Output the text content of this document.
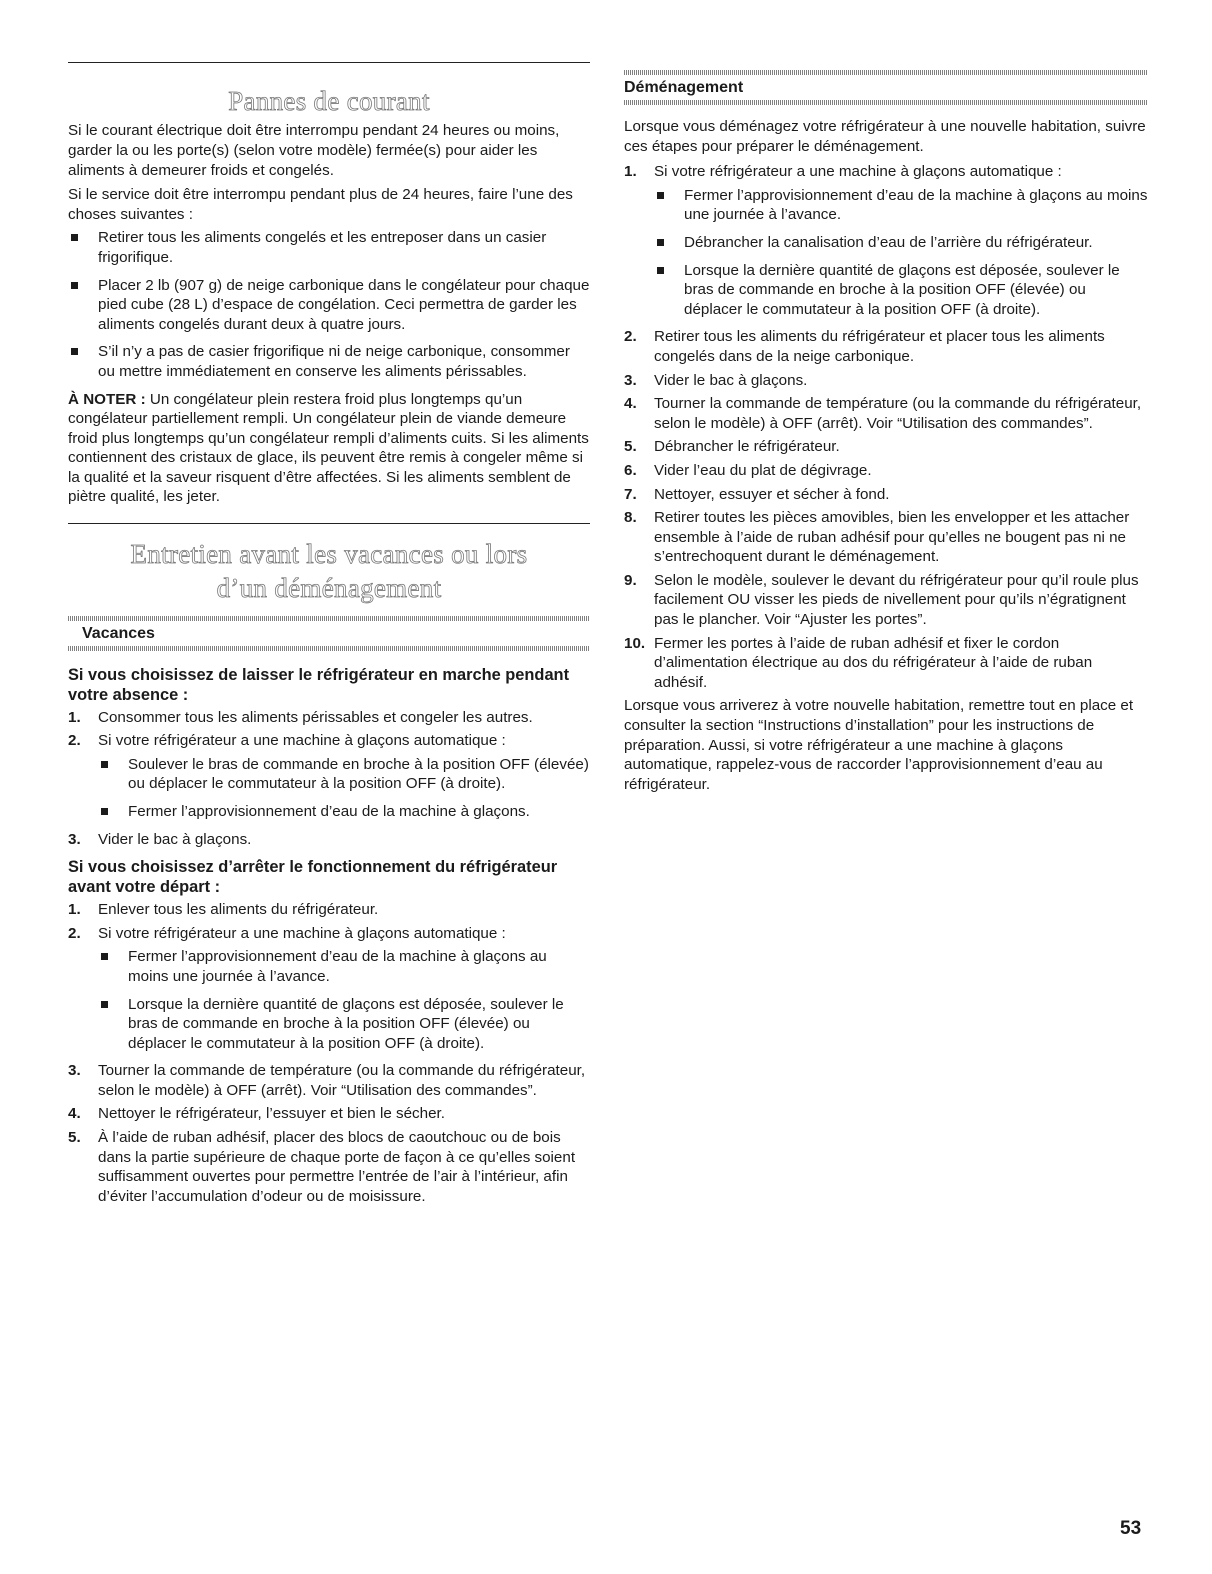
Pannes de courant

Si le courant électrique doit être interrompu pendant 24 heures ou moins, garder la ou les porte(s) (selon votre modèle) fermée(s) pour aider les aliments à demeurer froids et congelés.

Si le service doit être interrompu pendant plus de 24 heures, faire l’une des choses suivantes :

Retirer tous les aliments congelés et les entreposer dans un casier frigorifique.
Placer 2 lb (907 g) de neige carbonique dans le congélateur pour chaque pied cube (28 L) d’espace de congélation. Ceci permettra de garder les aliments congelés durant deux à quatre jours.
S’il n’y a pas de casier frigorifique ni de neige carbonique, consommer ou mettre immédiatement en conserve les aliments périssables.

À NOTER : Un congélateur plein restera froid plus longtemps qu’un congélateur partiellement rempli. Un congélateur plein de viande demeure froid plus longtemps qu’un congélateur rempli d’aliments cuits. Si les aliments contiennent des cristaux de glace, ils peuvent être remis à congeler même si la qualité et la saveur risquent d’être affectées. Si les aliments semblent de piètre qualité, les jeter.

Entretien avant les vacances ou lors
d’un déménagement
Vacances
Si vous choisissez de laisser le réfrigérateur en marche pendant votre absence :
1. Consommer tous les aliments périssables et congeler les autres.
2. Si votre réfrigérateur a une machine à glaçons automatique :
Soulever le bras de commande en broche à la position OFF (élevée) ou déplacer le commutateur à la position OFF (à droite).
Fermer l’approvisionnement d’eau de la machine à glaçons.
3. Vider le bac à glaçons.
Si vous choisissez d’arrêter le fonctionnement du réfrigérateur avant votre départ :
1. Enlever tous les aliments du réfrigérateur.
2. Si votre réfrigérateur a une machine à glaçons automatique :
Fermer l’approvisionnement d’eau de la machine à glaçons au moins une journée à l’avance.
Lorsque la dernière quantité de glaçons est déposée, soulever le bras de commande en broche à la position OFF (élevée) ou déplacer le commutateur à la position OFF (à droite).
3. Tourner la commande de température (ou la commande du réfrigérateur, selon le modèle) à OFF (arrêt). Voir “Utilisation des commandes”.
4. Nettoyer le réfrigérateur, l’essuyer et bien le sécher.
5. À l’aide de ruban adhésif, placer des blocs de caoutchouc ou de bois dans la partie supérieure de chaque porte de façon à ce qu’elles soient suffisamment ouvertes pour permettre l’entrée de l’air à l’intérieur, afin d’éviter l’accumulation d’odeur ou de moisissure.
Déménagement

Lorsque vous déménagez votre réfrigérateur à une nouvelle habitation, suivre ces étapes pour préparer le déménagement.

1. Si votre réfrigérateur a une machine à glaçons automatique :
Fermer l’approvisionnement d’eau de la machine à glaçons au moins une journée à l’avance.
Débrancher la canalisation d’eau de l’arrière du réfrigérateur.
Lorsque la dernière quantité de glaçons est déposée, soulever le bras de commande en broche à la position OFF (élevée) ou déplacer le commutateur à la position OFF (à droite).
2. Retirer tous les aliments du réfrigérateur et placer tous les aliments congelés dans de la neige carbonique.
3. Vider le bac à glaçons.
4. Tourner la commande de température (ou la commande du réfrigérateur, selon le modèle) à OFF (arrêt). Voir “Utilisation des commandes”.
5. Débrancher le réfrigérateur.
6. Vider l’eau du plat de dégivrage.
7. Nettoyer, essuyer et sécher à fond.
8. Retirer toutes les pièces amovibles, bien les envelopper et les attacher ensemble à l’aide de ruban adhésif pour qu’elles ne bougent pas ni ne s’entrechoquent durant le déménagement.
9. Selon le modèle, soulever le devant du réfrigérateur pour qu’il roule plus facilement OU visser les pieds de nivellement pour qu’ils n’égratignent pas le plancher. Voir “Ajuster les portes”.
10. Fermer les portes à l’aide de ruban adhésif et fixer le cordon d’alimentation électrique au dos du réfrigérateur à l’aide de ruban adhésif.

Lorsque vous arriverez à votre nouvelle habitation, remettre tout en place et consulter la section “Instructions d’installation” pour les instructions de préparation. Aussi, si votre réfrigérateur a une machine à glaçons automatique, rappelez-vous de raccorder l’approvisionnement d’eau au réfrigérateur.

53
